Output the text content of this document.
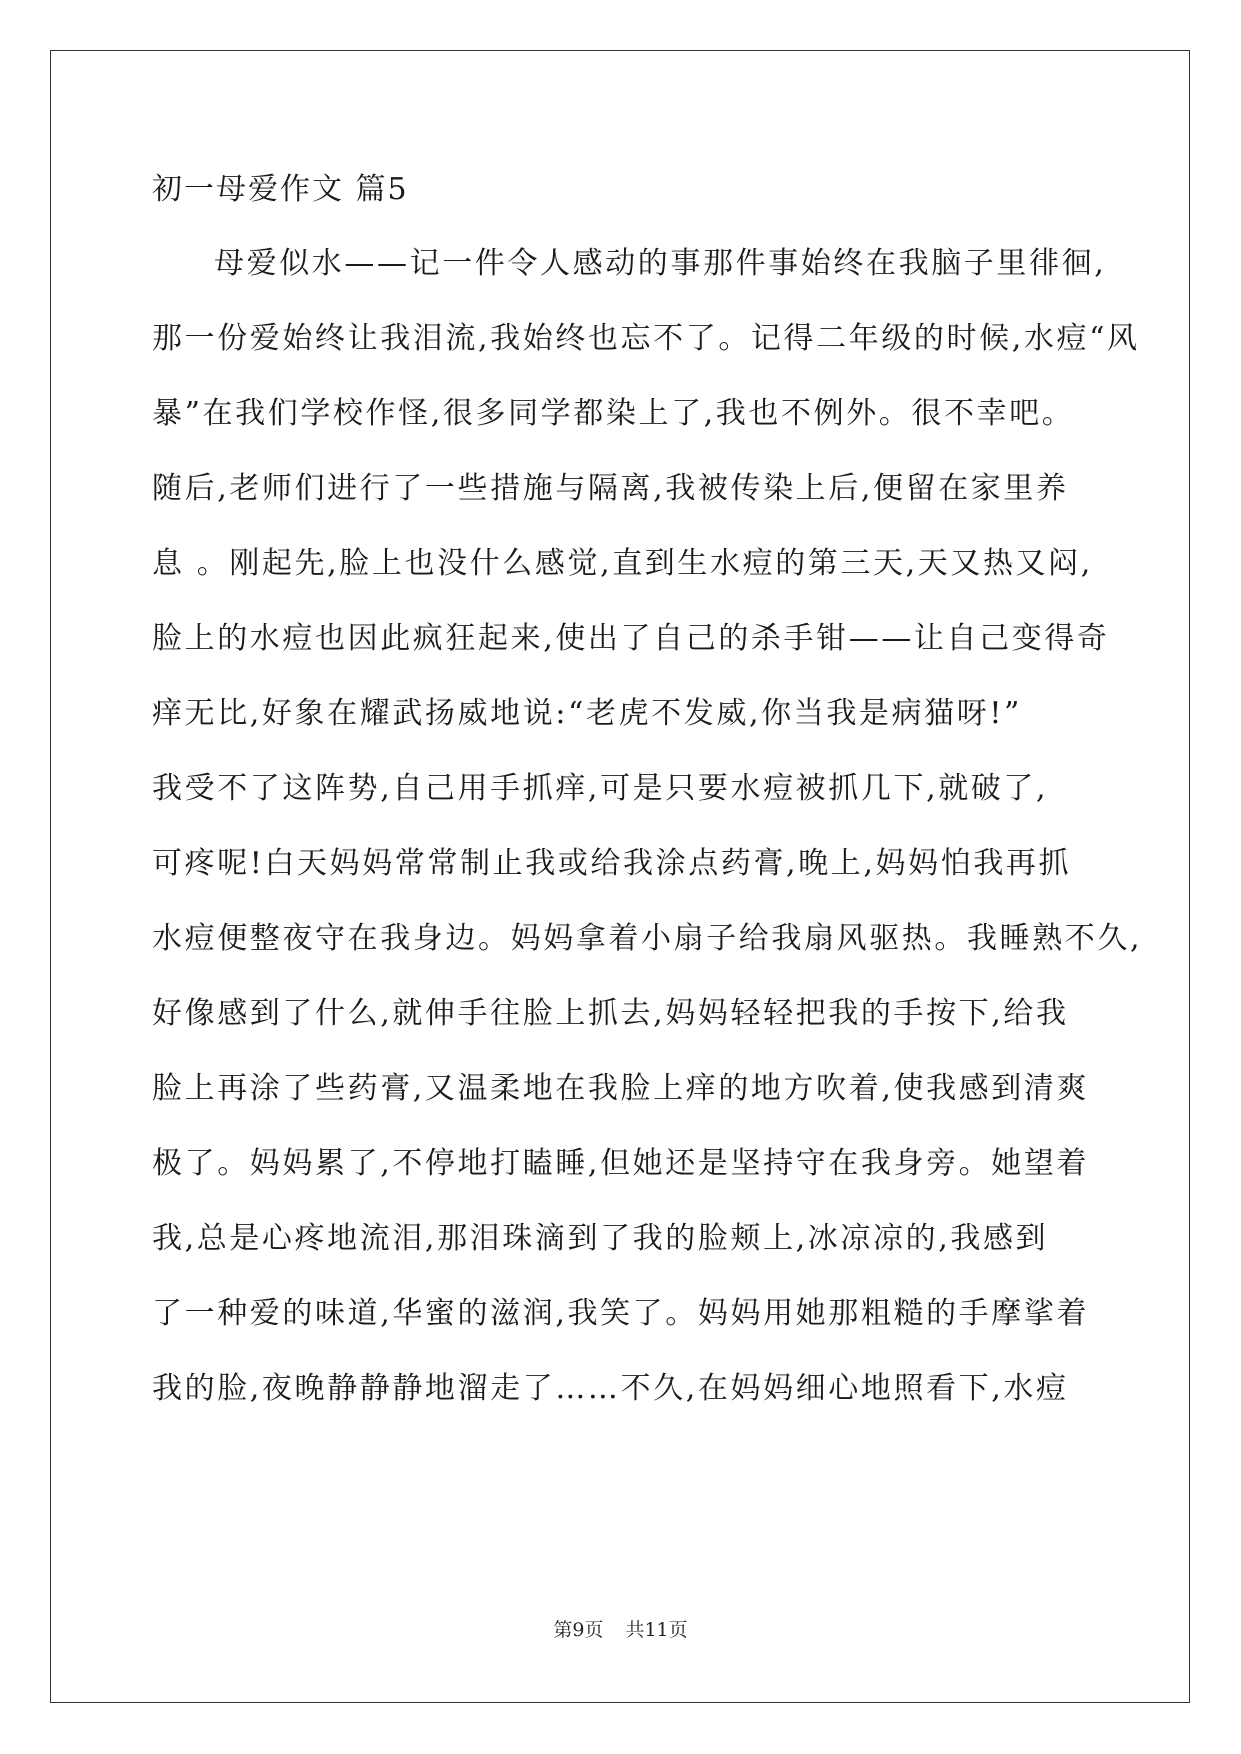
初一母爱作文 篇5
母爱似水——记一件令人感动的事那件事始终在我脑子里徘徊,
那一份爱始终让我泪流,我始终也忘不了。记得二年级的时候,水痘“风
暴”在我们学校作怪,很多同学都染上了,我也不例外。很不幸吧。
随后,老师们进行了一些措施与隔离,我被传染上后,便留在家里养
息 。刚起先,脸上也没什么感觉,直到生水痘的第三天,天又热又闷,
脸上的水痘也因此疯狂起来,使出了自己的杀手钳——让自己变得奇
痒无比,好象在耀武扬威地说:“老虎不发威,你当我是病猫呀!”
我受不了这阵势,自己用手抓痒,可是只要水痘被抓几下,就破了,
可疼呢!白天妈妈常常制止我或给我涂点药膏,晚上,妈妈怕我再抓
水痘便整夜守在我身边。妈妈拿着小扇子给我扇风驱热。我睡熟不久,
好像感到了什么,就伸手往脸上抓去,妈妈轻轻把我的手按下,给我
脸上再涂了些药膏,又温柔地在我脸上痒的地方吹着,使我感到清爽
极了。妈妈累了,不停地打瞌睡,但她还是坚持守在我身旁。她望着
我,总是心疼地流泪,那泪珠滴到了我的脸颊上,冰凉凉的,我感到
了一种爱的味道,华蜜的滋润,我笑了。妈妈用她那粗糙的手摩挲着
我的脸,夜晚静静静地溜走了……不久,在妈妈细心地照看下,水痘
第9页 共11页
